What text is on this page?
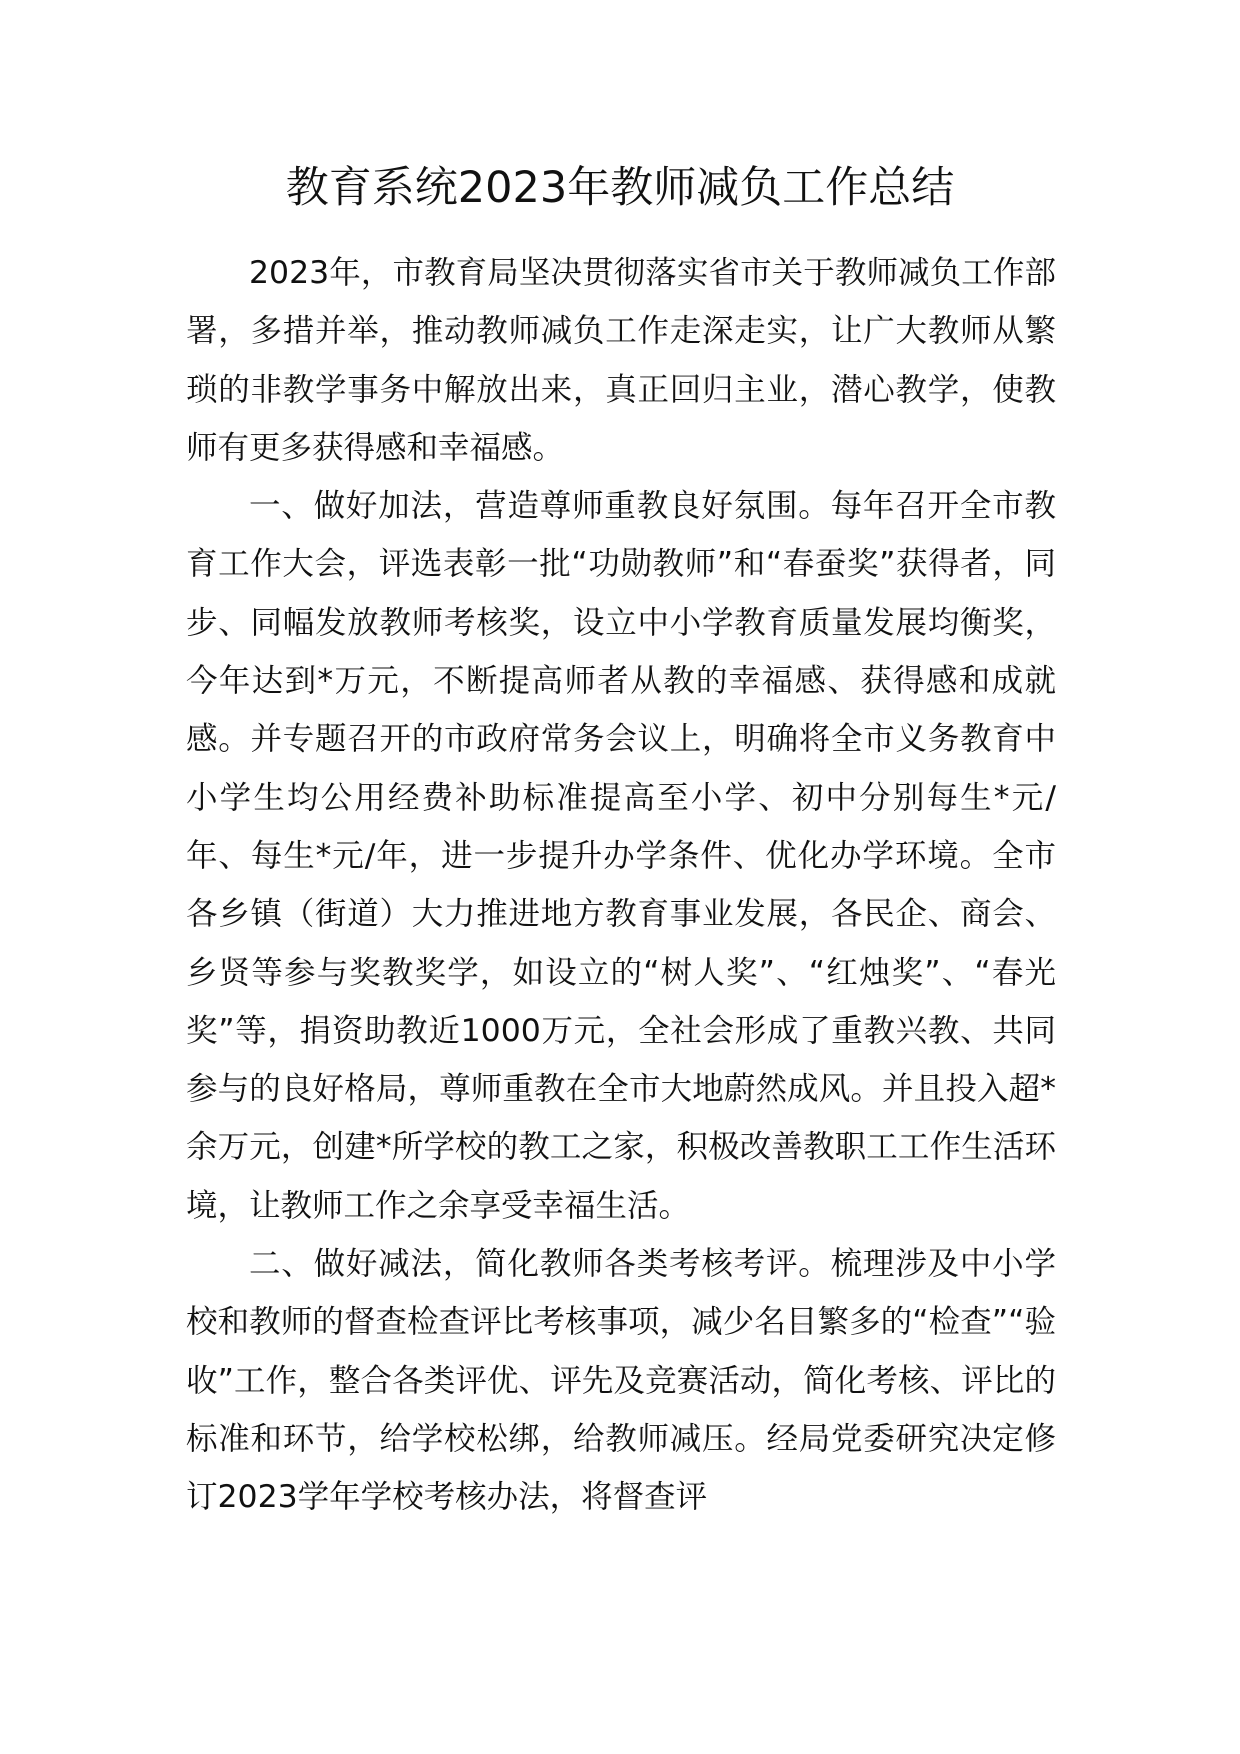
教育系统2023年教师减负工作总结

2023年，市教育局坚决贯彻落实省市关于教师减负工作部署，多措并举，推动教师减负工作走深走实，让广大教师从繁琐的非教学事务中解放出来，真正回归主业，潜心教学，使教师有更多获得感和幸福感。

一、做好加法，营造尊师重教良好氛围。每年召开全市教育工作大会，评选表彰一批“功勋教师”和“春蚕奖”获得者，同步、同幅发放教师考核奖，设立中小学教育质量发展均衡奖，今年达到*万元，不断提高师者从教的幸福感、获得感和成就感。并专题召开的市政府常务会议上，明确将全市义务教育中小学生均公用经费补助标准提高至小学、初中分别每生*元/年、每生*元/年，进一步提升办学条件、优化办学环境。全市各乡镇（街道）大力推进地方教育事业发展，各民企、商会、乡贤等参与奖教奖学，如设立的“树人奖”、“红烛奖”、“春光奖”等，捐资助教近1000万元，全社会形成了重教兴教、共同参与的良好格局，尊师重教在全市大地蔚然成风。并且投入超*余万元，创建*所学校的教工之家，积极改善教职工工作生活环境，让教师工作之余享受幸福生活。

二、做好减法，简化教师各类考核考评。梳理涉及中小学校和教师的督查检查评比考核事项，减少名目繁多的“检查”“验收”工作，整合各类评优、评先及竞赛活动，简化考核、评比的标准和环节，给学校松绑，给教师减压。经局党委研究决定修订2023学年学校考核办法，将督查评
